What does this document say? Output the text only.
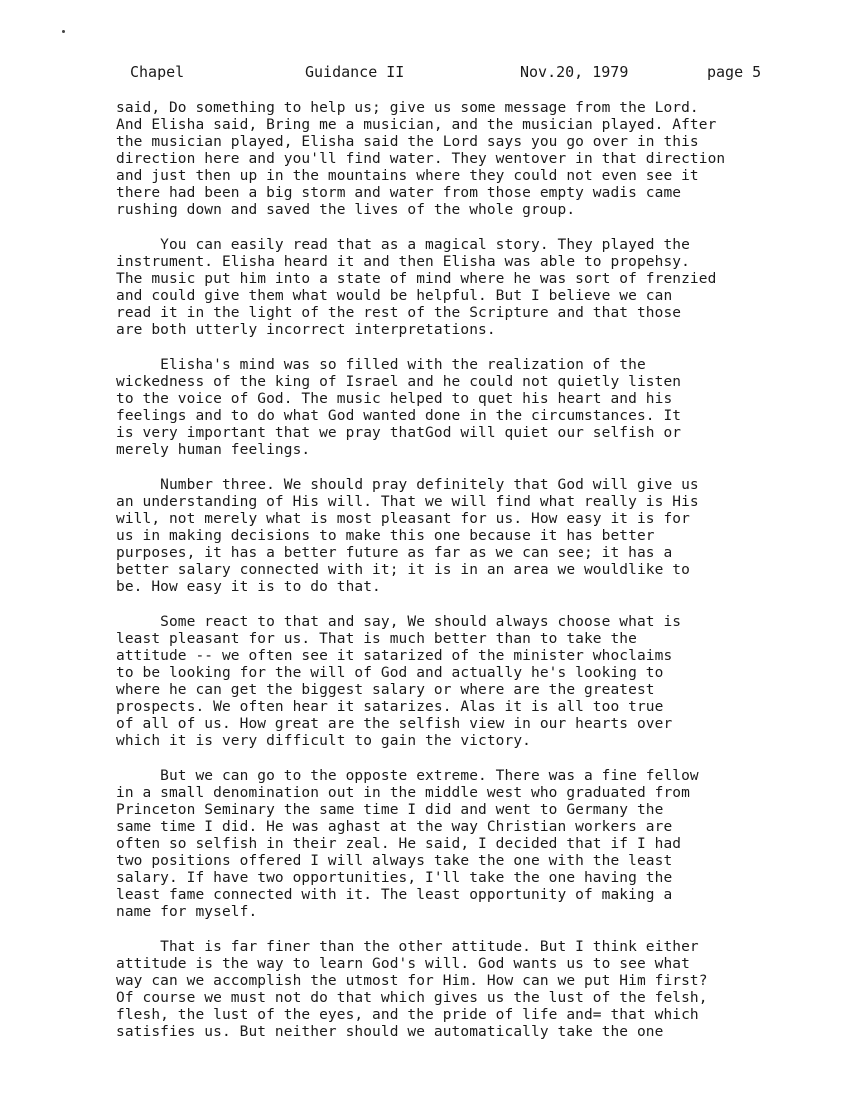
Chapel	Guidance II	Nov.20, 1979	page 5
said, Do something to help us; give us some message from the Lord.
And Elisha said, Bring me a musician, and the musician played. After
the musician played, Elisha said the Lord says you go over in this
direction here and you'll find water. They wentover in that direction
and just then up in the mountains where they could not even see it
there had been a big storm and water from those empty wadis came
rushing down and saved the lives of the whole group.
You can easily read that as a magical story. They played the
instrument. Elisha heard it and then Elisha was able to propehsy.
The music put him into a state of mind where he was sort of frenzied
and could give them what would be helpful. But I believe we can
read it in the light of the rest of the Scripture and that those
are both utterly incorrect interpretations.
Elisha's mind was so filled with the realization of the
wickedness of the king of Israel and he could not quietly listen
to the voice of God. The music helped to quet his heart and his
feelings and to do what God wanted done in the circumstances. It
is very important that we pray thatGod will quiet our selfish or
merely human feelings.
Number three. We should pray definitely that God will give us
an understanding of His will. That we will find what really is His
will, not merely what is most pleasant for us. How easy it is for
us in making decisions to make this one because it has better
purposes, it has a better future as far as we can see; it has a
better salary connected with it; it is in an area we wouldlike to
be. How easy it is to do that.
Some react to that and say, We should always choose what is
least pleasant for us. That is much better than to take the
attitude -- we often see it satarized of the minister whoclaims
to be looking for the will of God and actually he's looking to
where he can get the biggest salary or where are the greatest
prospects. We often hear it satarizes. Alas it is all too true
of all of us. How great are the selfish view in our hearts over
which it is very difficult to gain the victory.
But we can go to the opposte extreme. There was a fine fellow
in a small denomination out in the middle west who graduated from
Princeton Seminary the same time I did and went to Germany the
same time I did. He was aghast at the way Christian workers are
often so selfish in their zeal. He said, I decided that if I had
two positions offered I will always take the one with the least
salary. If have two opportunities, I'll take the one having the
least fame connected with it. The least opportunity of making a
name for myself.
That is far finer than the other attitude. But I think either
attitude is the way to learn God's will. God wants us to see what
way can we accomplish the utmost for Him. How can we put Him first?
Of course we must not do that which gives us the lust of the felsh,
flesh, the lust of the eyes, and the pride of life and= that which
satisfies us. But neither should we automatically take the one
